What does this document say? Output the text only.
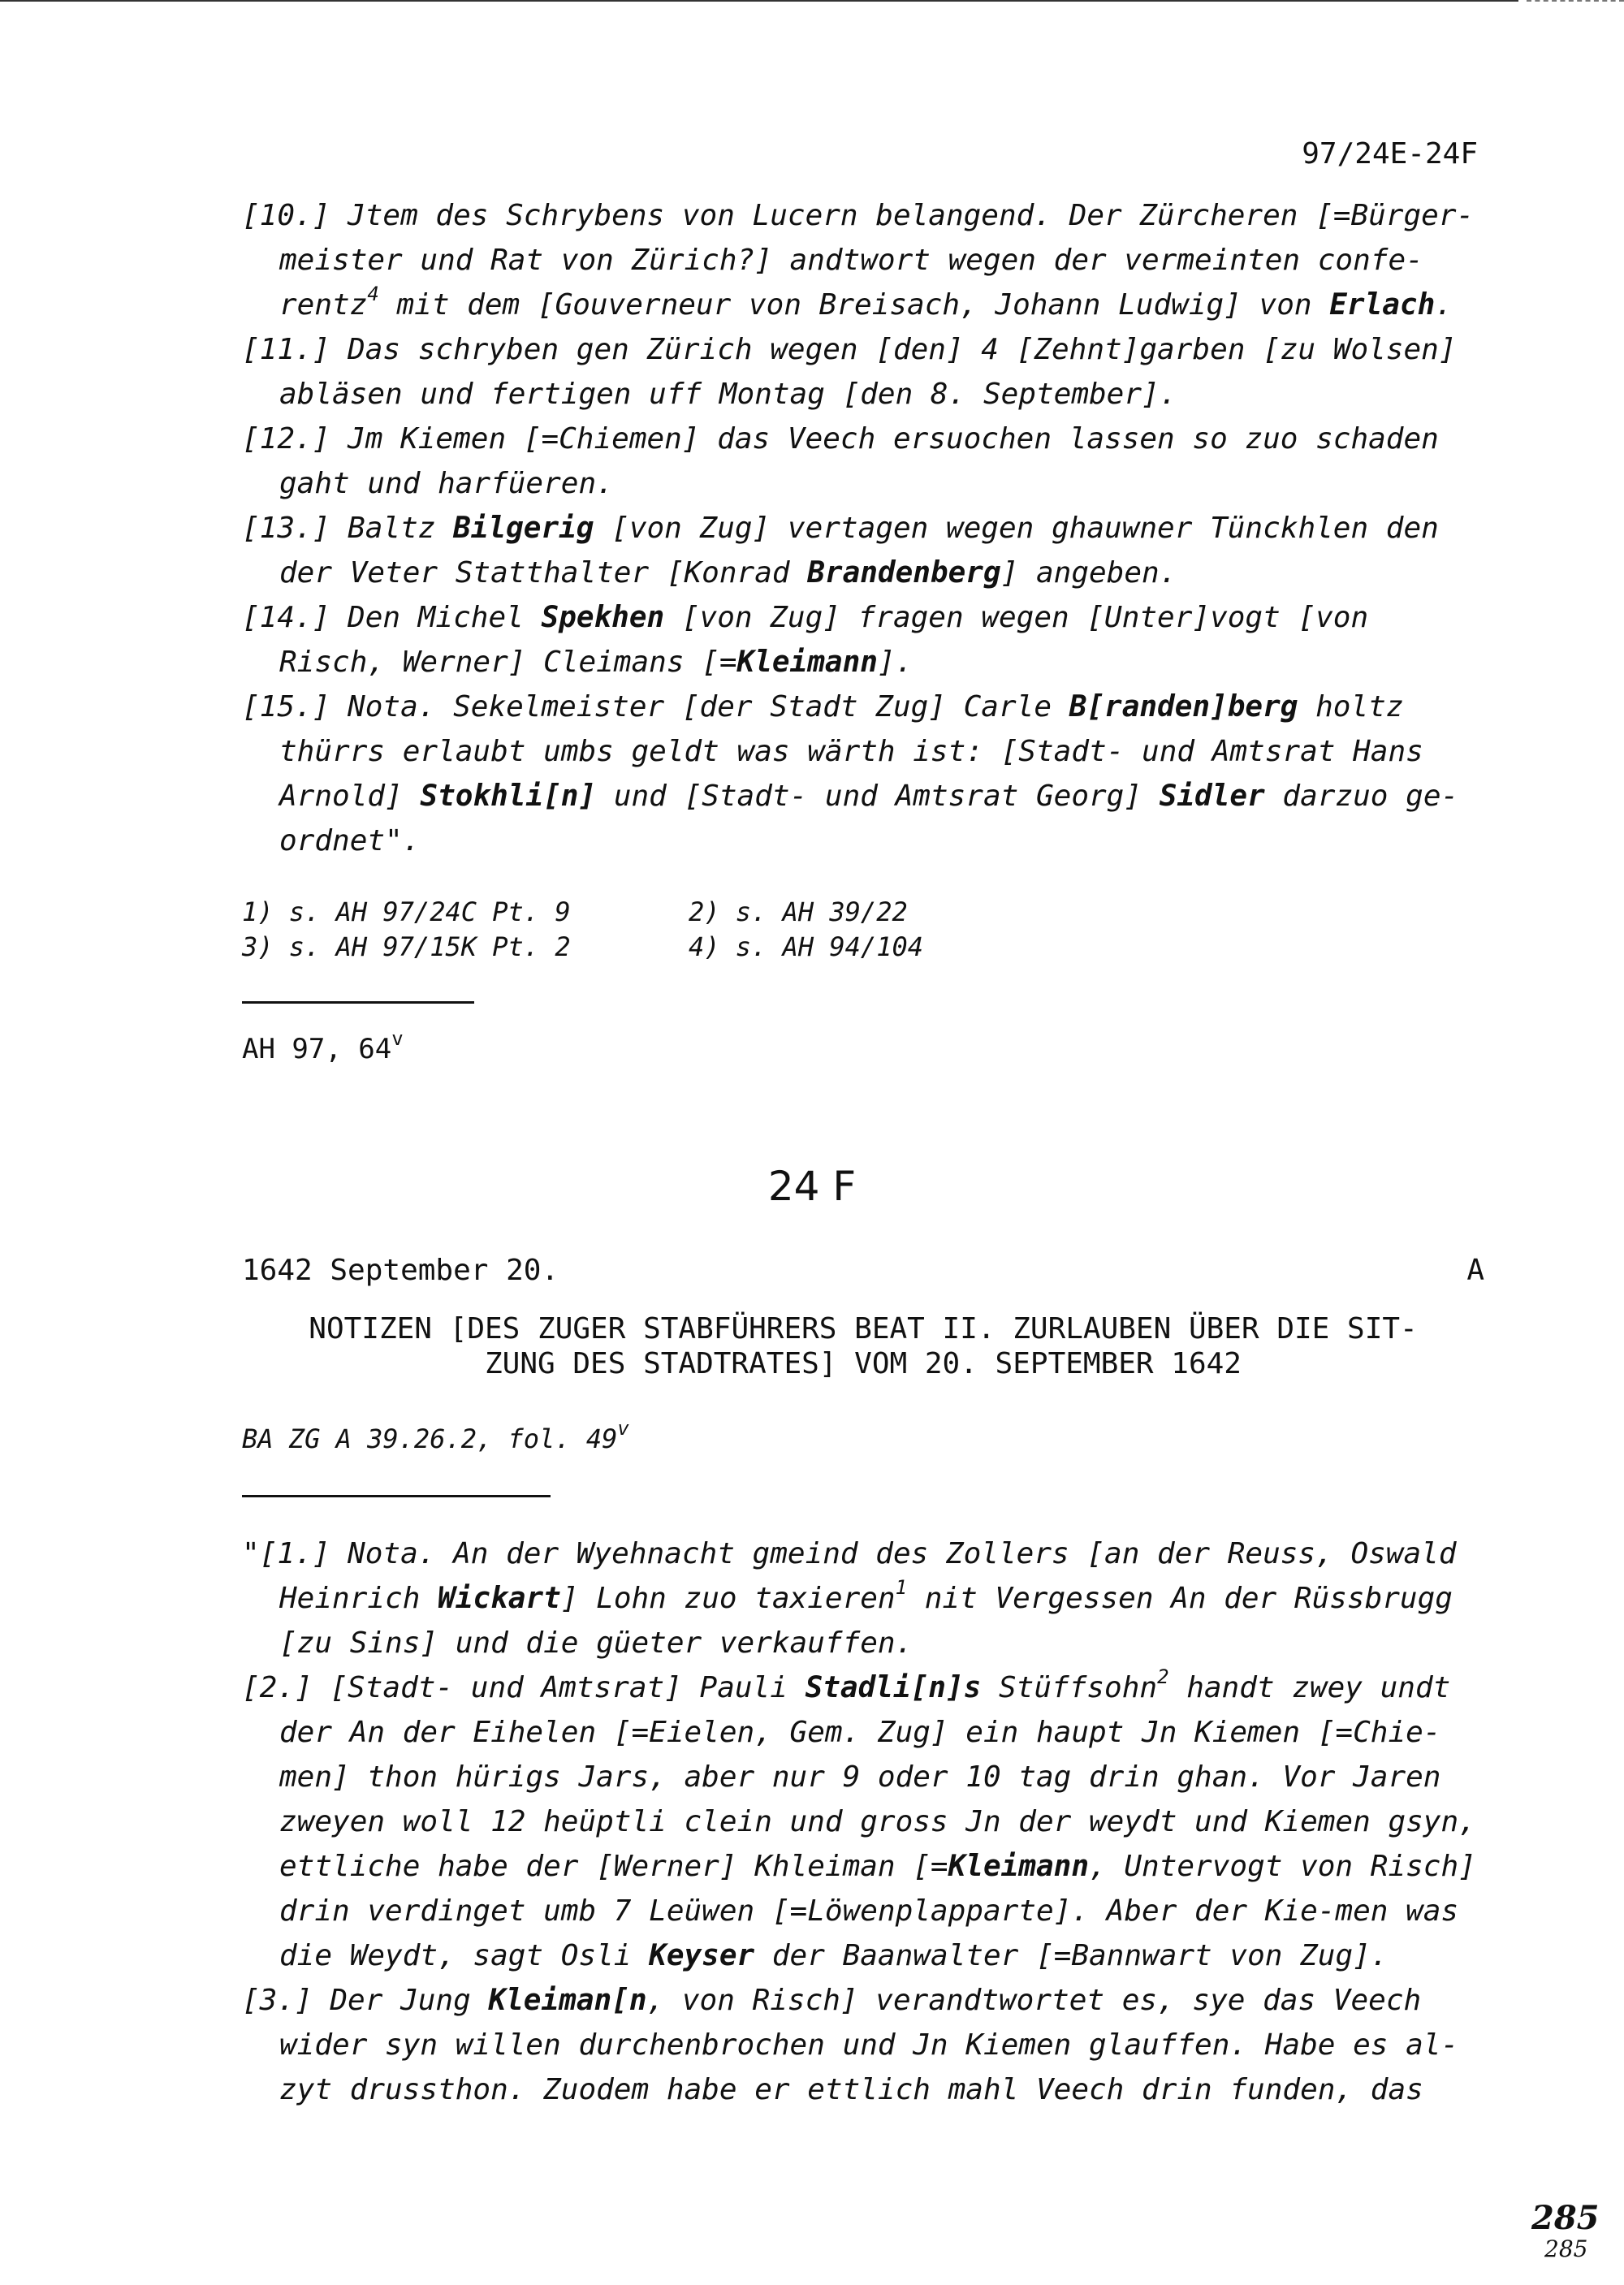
97/24E-24F

[10.] Jtem des Schrybens von Lucern belangend. Der Zürcheren [=Bürger-meister und Rat von Zürich?] andtwort wegen der vermeinten confe-rentz$^4$ mit dem [Gouverneur von Breisach, Johann Ludwig] von Erlach.

[11.] Das schryben gen Zürich wegen [den] 4 [Zehnt]garben [zu Wolsen] abläsen und fertigen uff Montag [den 8. September].

[12.] Jm Kiemen [=Chiemen] das Veech ersuochen lassen so zuo schaden gaht und harfüeren.

[13.] Baltz Bilgerig [von Zug] vertagen wegen ghauwner Tünckhlen den der Veter Statthalter [Konrad Brandenberg] angeben.

[14.] Den Michel Spekhen [von Zug] fragen wegen [Unter]vogt [von Risch, Werner] Cleimans [=Kleimann].

[15.] Nota. Sekelmeister [der Stadt Zug] Carle B[randen]berg holtz thürrs erlaubt umbs geldt was wärth ist: [Stadt- und Amtsrat Hans Arnold] Stokhli[n] und [Stadt- und Amtsrat Georg] Sidler darzuo ge-ordnet".

1) s. AH 97/24C Pt. 9	2) s. AH 39/22
3) s. AH 97/15K Pt. 2	4) s. AH 94/104
AH 97, 64$^v$
24 F
1642 September 20.	A
NOTIZEN [DES ZUGER STABFÜHRERS BEAT II. ZURLAUBEN ÜBER DIE SIT-
ZUNG DES STADTRATES] VOM 20. SEPTEMBER 1642
BA ZG A 39.26.2, fol. 49$^v$

"[1.] Nota. An der Wyehnacht gmeind des Zollers [an der Reuss, Oswald Heinrich Wickart] Lohn zuo taxieren$^1$ nit Vergessen An der Rüssbrugg [zu Sins] und die güeter verkauffen.

[2.] [Stadt- und Amtsrat] Pauli Stadli[n]s Stüffsohn$^2$ handt zwey undt der An der Eihelen [=Eielen, Gem. Zug] ein haupt Jn Kiemen [=Chie-men] thon hürigs Jars, aber nur 9 oder 10 tag drin ghan. Vor Jaren zweyen woll 12 heüptli clein und gross Jn der weydt und Kiemen gsyn, ettliche habe der [Werner] Khleiman [=Kleimann, Untervogt von Risch] drin verdinget umb 7 Leüwen [=Löwenplapparte]. Aber der Kie-men was die Weydt, sagt Osli Keyser der Baanwalter [=Bannwart von Zug].

[3.] Der Jung Kleiman[n, von Risch] verandtwortet es, sye das Veech wider syn willen durchenbrochen und Jn Kiemen glauffen. Habe es al-zyt drussthon. Zuodem habe er ettlich mahl Veech drin funden, das

285
285
